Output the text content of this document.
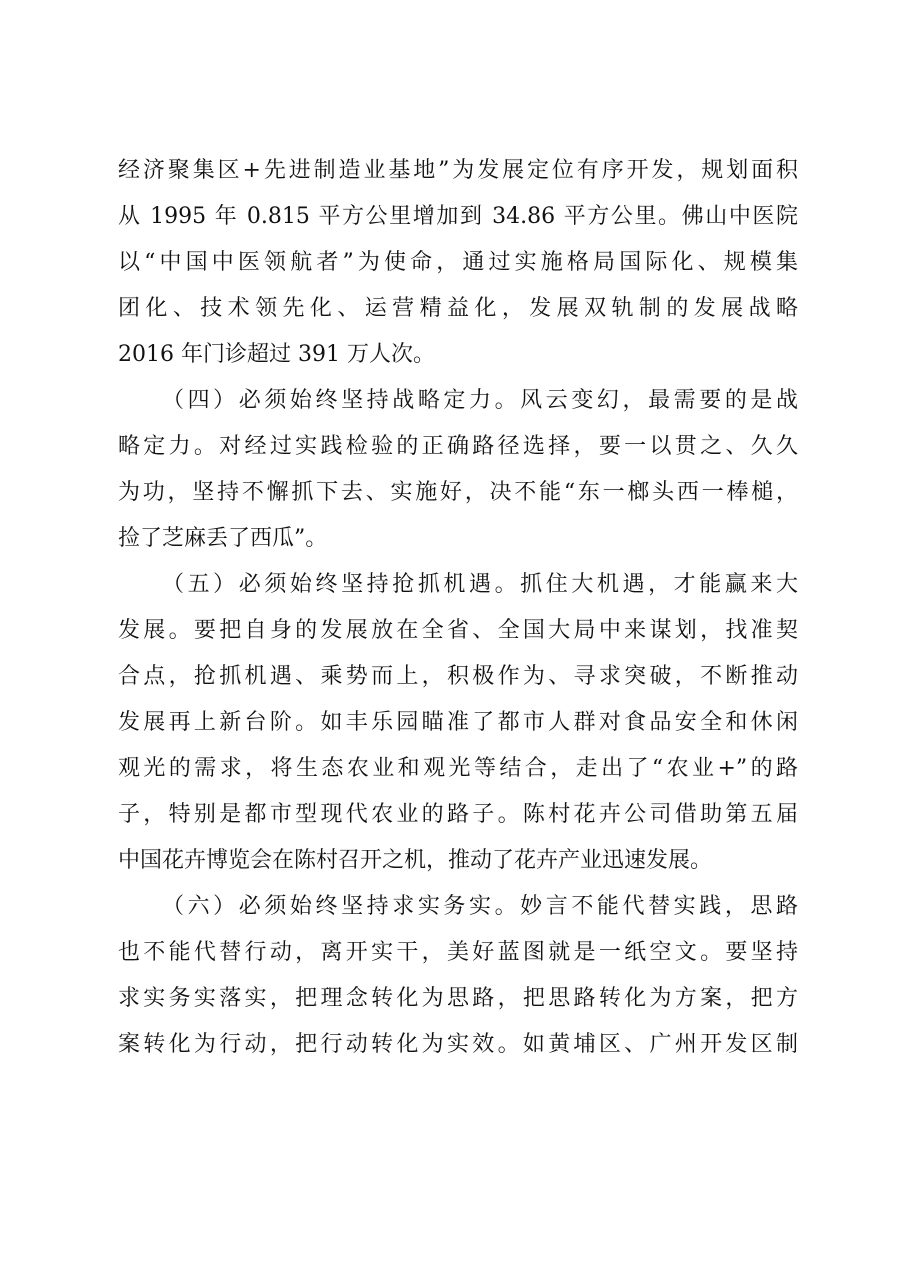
经济聚集区+先进制造业基地”为发展定位有序开发，规划面积
从 1995 年 0.815 平方公里增加到 34.86 平方公里。佛山中医院
以“中国中医领航者”为使命，通过实施格局国际化、规模集
团化、技术领先化、运营精益化，发展双轨制的发展战略
2016 年门诊超过 391 万人次。
（四）必须始终坚持战略定力。风云变幻，最需要的是战
略定力。对经过实践检验的正确路径选择，要一以贯之、久久
为功，坚持不懈抓下去、实施好，决不能“东一榔头西一棒槌，
捡了芝麻丢了西瓜”。
（五）必须始终坚持抢抓机遇。抓住大机遇，才能赢来大
发展。要把自身的发展放在全省、全国大局中来谋划，找准契
合点，抢抓机遇、乘势而上，积极作为、寻求突破，不断推动
发展再上新台阶。如丰乐园瞄准了都市人群对食品安全和休闲
观光的需求，将生态农业和观光等结合，走出了“农业+”的路
子，特别是都市型现代农业的路子。陈村花卉公司借助第五届
中国花卉博览会在陈村召开之机，推动了花卉产业迅速发展。
（六）必须始终坚持求实务实。妙言不能代替实践，思路
也不能代替行动，离开实干，美好蓝图就是一纸空文。要坚持
求实务实落实，把理念转化为思路，把思路转化为方案，把方
案转化为行动，把行动转化为实效。如黄埔区、广州开发区制
